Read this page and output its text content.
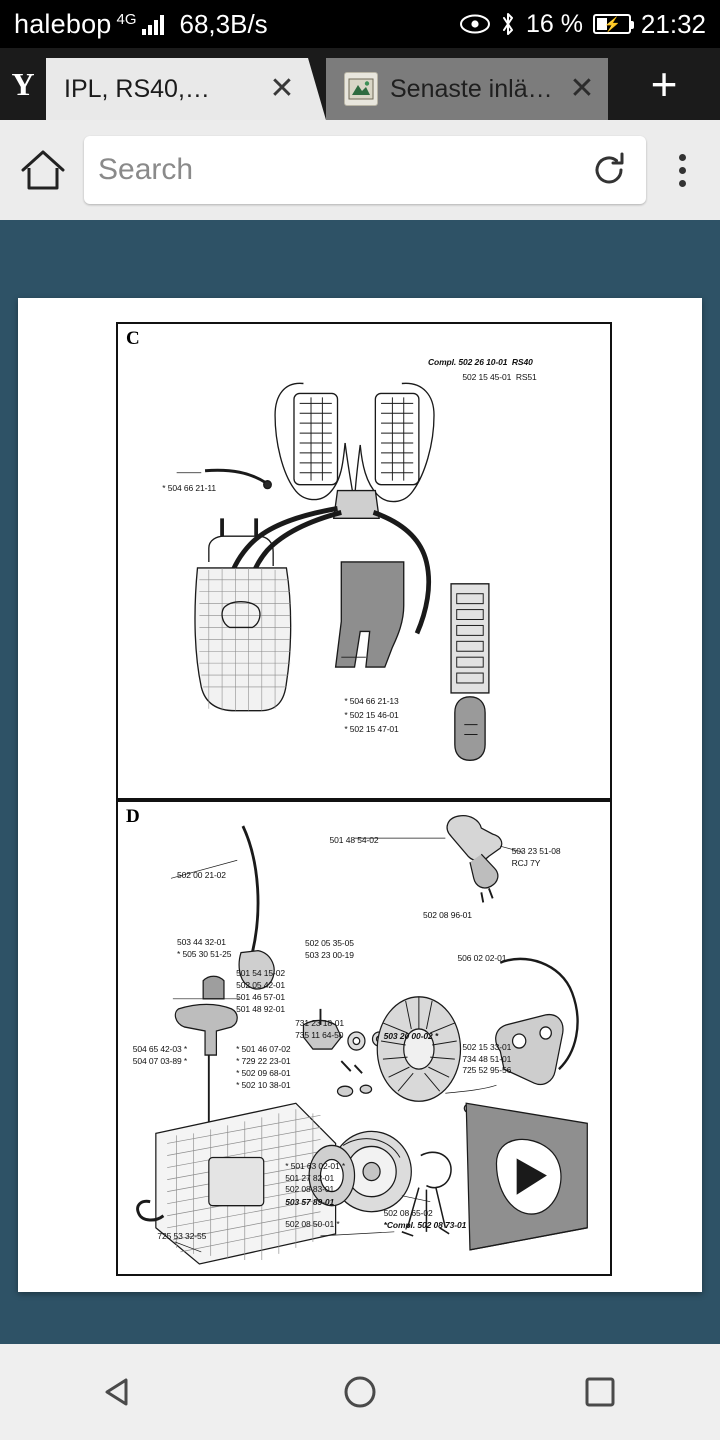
halebop 4G 68,3B/s	16 % ⚡ 21:32
Y	IPL, RS40,…	✕	Senaste inlä… ✕	+
Search
C
Compl. 502 26 10-01  RS40
502 15 45-01  RS51
* 504 66 21-11
* 504 66 21-13
* 502 15 46-01
* 502 15 47-01
D
501 48 54-02
503 23 51-08
RCJ 7Y
502 00 21-02
502 08 96-01
503 44 32-01
* 505 30 51-25
502 05 35-05
503 23 00-19	506 02 02-01
501 54 15-02
502 05 42-01
501 46 57-01
501 48 92-01
731 23 18-01
735 11 64-50	503 20 00-02 *
502 15 33-01
734 48 51-01
725 52 95-56
504 65 42-03 *
504 07 03-89 *
* 501 46 07-02
* 729 22 23-01
* 502 09 68-01
* 502 10 38-01
* 501 63 02-01 *
501 27 82-01
502 08 83-01
503 57 89-01
502 08 50-01 *
502 08 65-02
*Compl. 502 08 73-01
725 53 32-55
